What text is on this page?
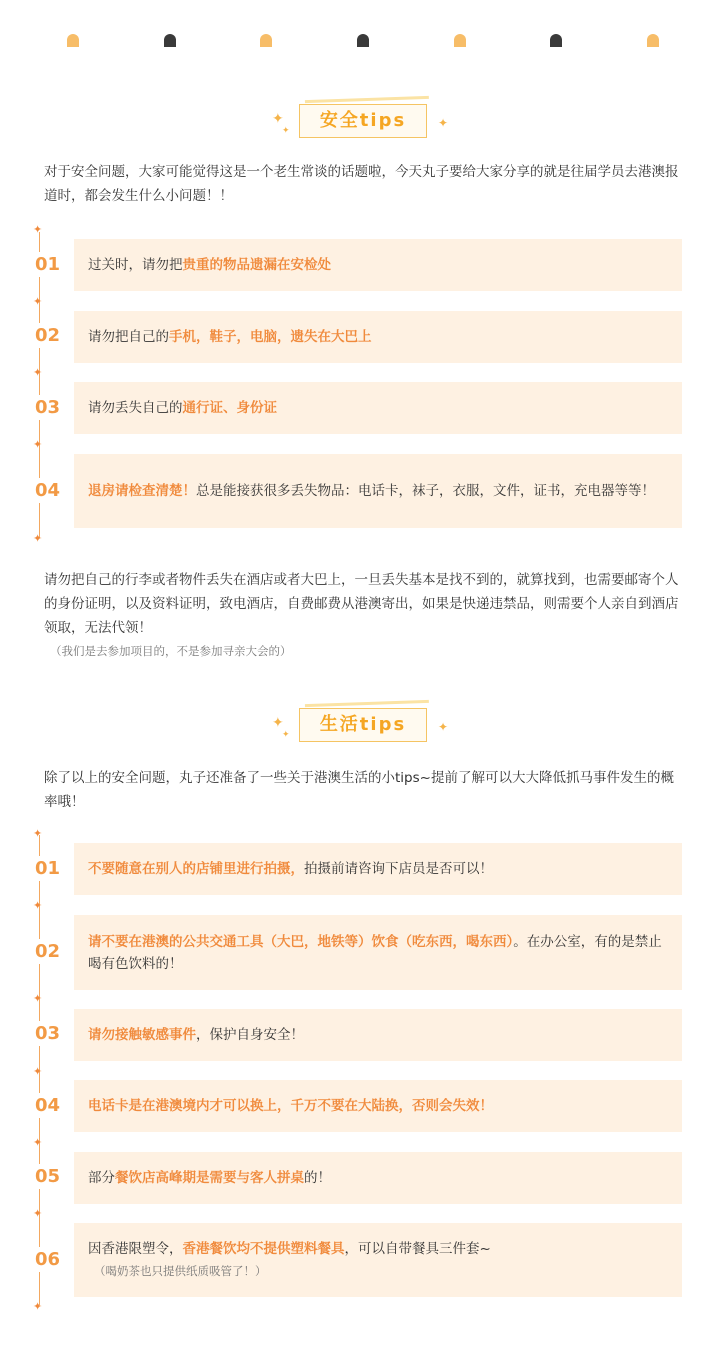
✦
✦	安全tips	✦
对于安全问题，大家可能觉得这是一个老生常谈的话题啦，今天丸子要给大家分享的就是往届学员去港澳报道时，都会发生什么小问题！！
✦
✦
✦
✦
✦
01 过关时，请勿把贵重的物品遗漏在安检处
02 请勿把自己的手机，鞋子，电脑，遗失在大巴上
03 请勿丢失自己的通行证、身份证
04 退房请检查清楚！总是能接获很多丢失物品：电话卡，袜子，衣服，文件，证书，充电器等等！
请勿把自己的行李或者物件丢失在酒店或者大巴上，一旦丢失基本是找不到的，就算找到，也需要邮寄个人的身份证明，以及资料证明，致电酒店，自费邮费从港澳寄出，如果是快递违禁品，则需要个人亲自到酒店领取，无法代领！
（我们是去参加项目的，不是参加寻亲大会的）
✦
✦	生活tips	✦
除了以上的安全问题，丸子还准备了一些关于港澳生活的小tips~提前了解可以大大降低抓马事件发生的概率哦！
✦
✦
✦
✦
✦
✦
✦
01 不要随意在别人的店铺里进行拍摄，拍摄前请咨询下店员是否可以！
02 请不要在港澳的公共交通工具（大巴，地铁等）饮食（吃东西，喝东西）。在办公室，有的是禁止喝有色饮料的！
03 请勿接触敏感事件，保护自身安全！
04 电话卡是在港澳境内才可以换上，千万不要在大陆换，否则会失效！
05 部分餐饮店高峰期是需要与客人拼桌的！
06 因香港限塑令，香港餐饮均不提供塑料餐具，可以自带餐具三件套~
（喝奶茶也只提供纸质吸管了！）
